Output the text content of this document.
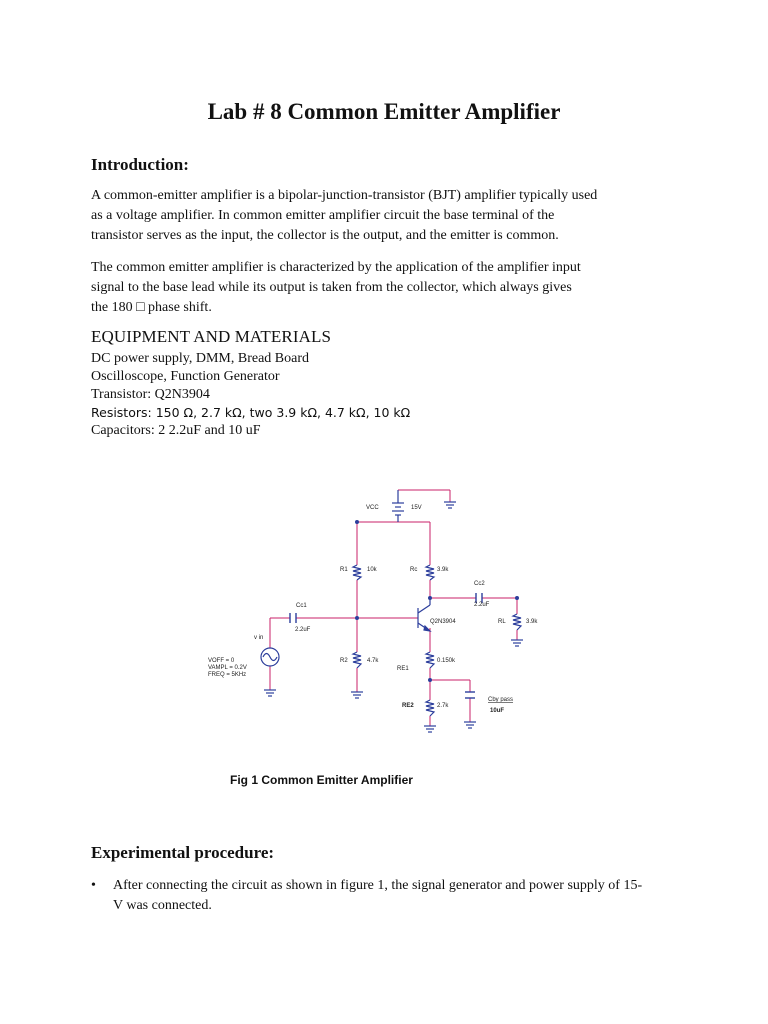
Lab # 8 Common Emitter Amplifier
Introduction:
A common-emitter amplifier is a bipolar-junction-transistor (BJT) amplifier typically used
as a voltage amplifier. In common emitter amplifier circuit the base terminal of the
transistor serves as the input, the collector is the output, and the emitter is common.
The common emitter amplifier is characterized by the application of the amplifier input
signal to the base lead while its output is taken from the collector, which always gives
the 180 □ phase shift.
EQUIPMENT AND MATERIALS
DC power supply, DMM, Bread Board
Oscilloscope, Function Generator
Transistor: Q2N3904
Resistors: 150 Ω, 2.7 kΩ, two 3.9 kΩ, 4.7 kΩ, 10 kΩ
Capacitors: 2 2.2uF and 10 uF
VCC	15V
R1	10k	Rc	3.9k
Cc2
2.2uF
Cc1
2.2uF
Q2N3904	RL	3.9k
v in
VOFF = 0
VAMPL = 0.2V
FREQ = 5KHz
R2	4.7k
RE1
0.150k
RE2	2.7k
Cby pass
10uF
Fig 1 Common Emitter Amplifier
Experimental procedure:
• After connecting the circuit as shown in figure 1, the signal generator and power supply of 15-
V was connected.
